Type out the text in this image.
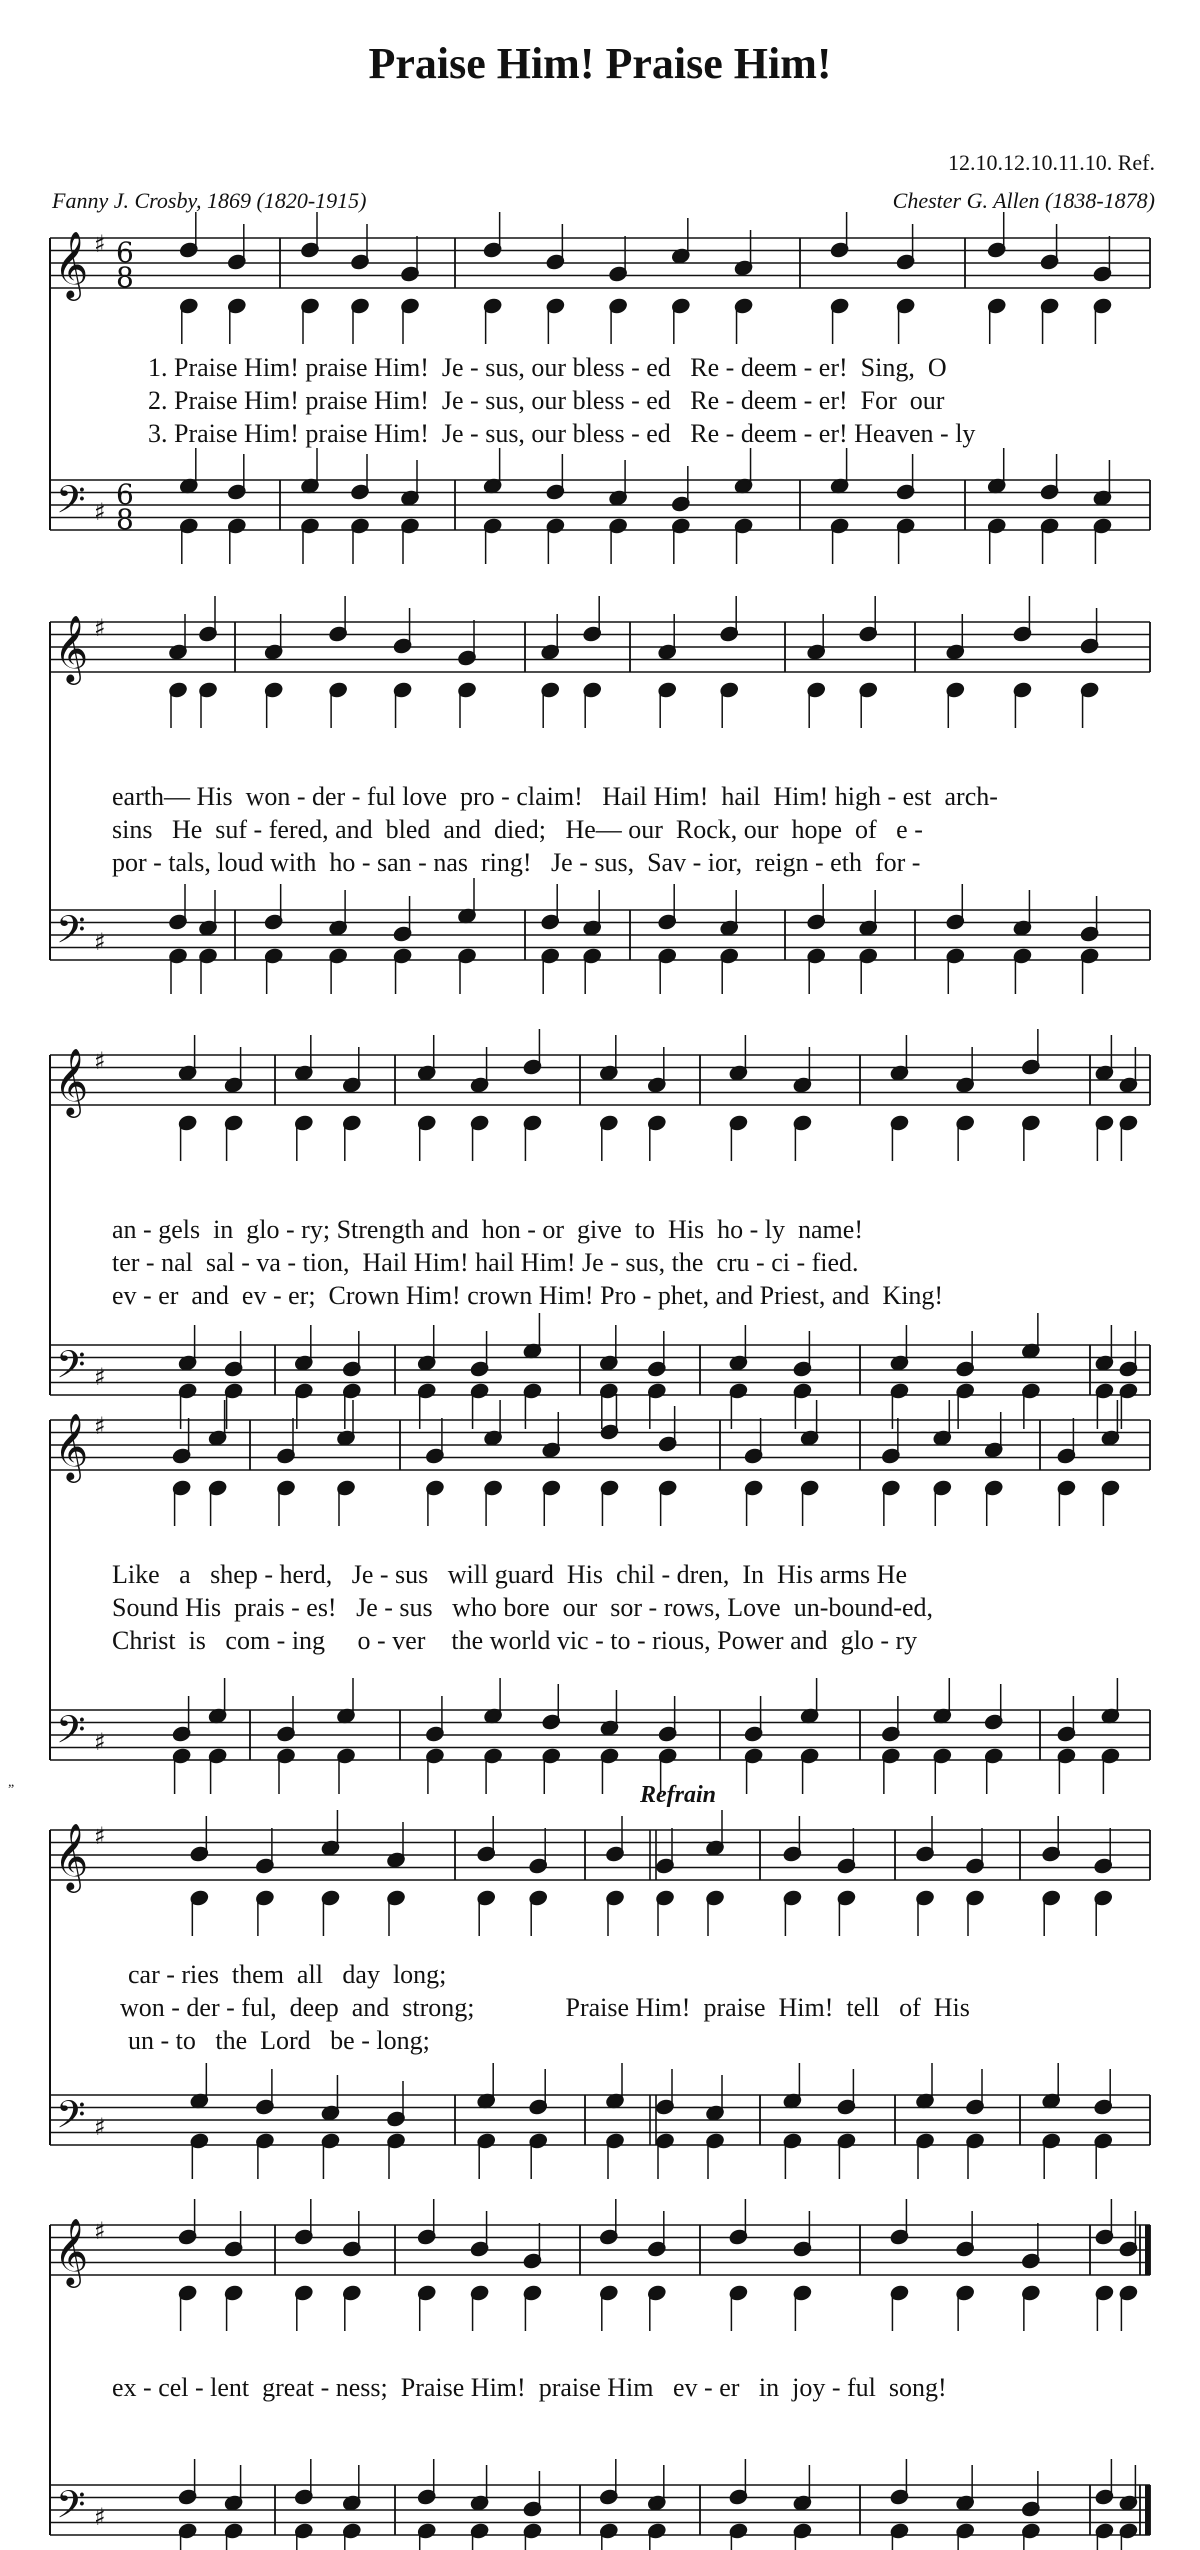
Praise Him! Praise Him!
12.10.12.10.11.10. Ref.
Fanny J. Crosby, 1869 (1820-1915)	Chester G. Allen (1838-1878)
„
𝄞
𝄢
♯
♯
6
8
6
8
𝄞
𝄢
♯
♯
𝄞
𝄢
♯
♯
𝄞
𝄢
♯
♯
𝄞
𝄢
♯
♯
𝄞
𝄢
♯
♯
1. Praise Him! praise Him!  Je - sus, our bless - ed   Re - deem - er!  Sing,  O
2. Praise Him! praise Him!  Je - sus, our bless - ed   Re - deem - er!  For  our
3. Praise Him! praise Him!  Je - sus, our bless - ed   Re - deem - er! Heaven - ly
earth— His  won - der - ful love  pro - claim!   Hail Him!  hail  Him! high - est  arch-
sins   He  suf - fered, and  bled  and  died;   He— our  Rock, our  hope  of   e -
por - tals, loud with  ho - san - nas  ring!   Je - sus,  Sav - ior,  reign - eth  for -
an - gels  in  glo - ry; Strength and  hon - or  give  to  His  ho - ly  name!
ter - nal  sal - va - tion,  Hail Him! hail Him! Je - sus, the  cru - ci - fied.
ev - er  and  ev - er;  Crown Him! crown Him! Pro - phet, and Priest, and  King!
Like   a   shep - herd,   Je - sus   will guard  His  chil - dren,  In  His arms He
Sound His  prais - es!   Je - sus   who bore  our  sor - rows, Love  un-bound-ed,
Christ  is   com - ing     o - ver    the world vic - to - rious, Power and  glo - ry
Refrain
car - ries  them  all   day  long;
won - der - ful,  deep  and  strong;              Praise Him!  praise  Him!  tell   of  His
un - to   the  Lord   be - long;
ex - cel - lent  great - ness;  Praise Him!  praise Him   ev - er   in  joy - ful  song!
